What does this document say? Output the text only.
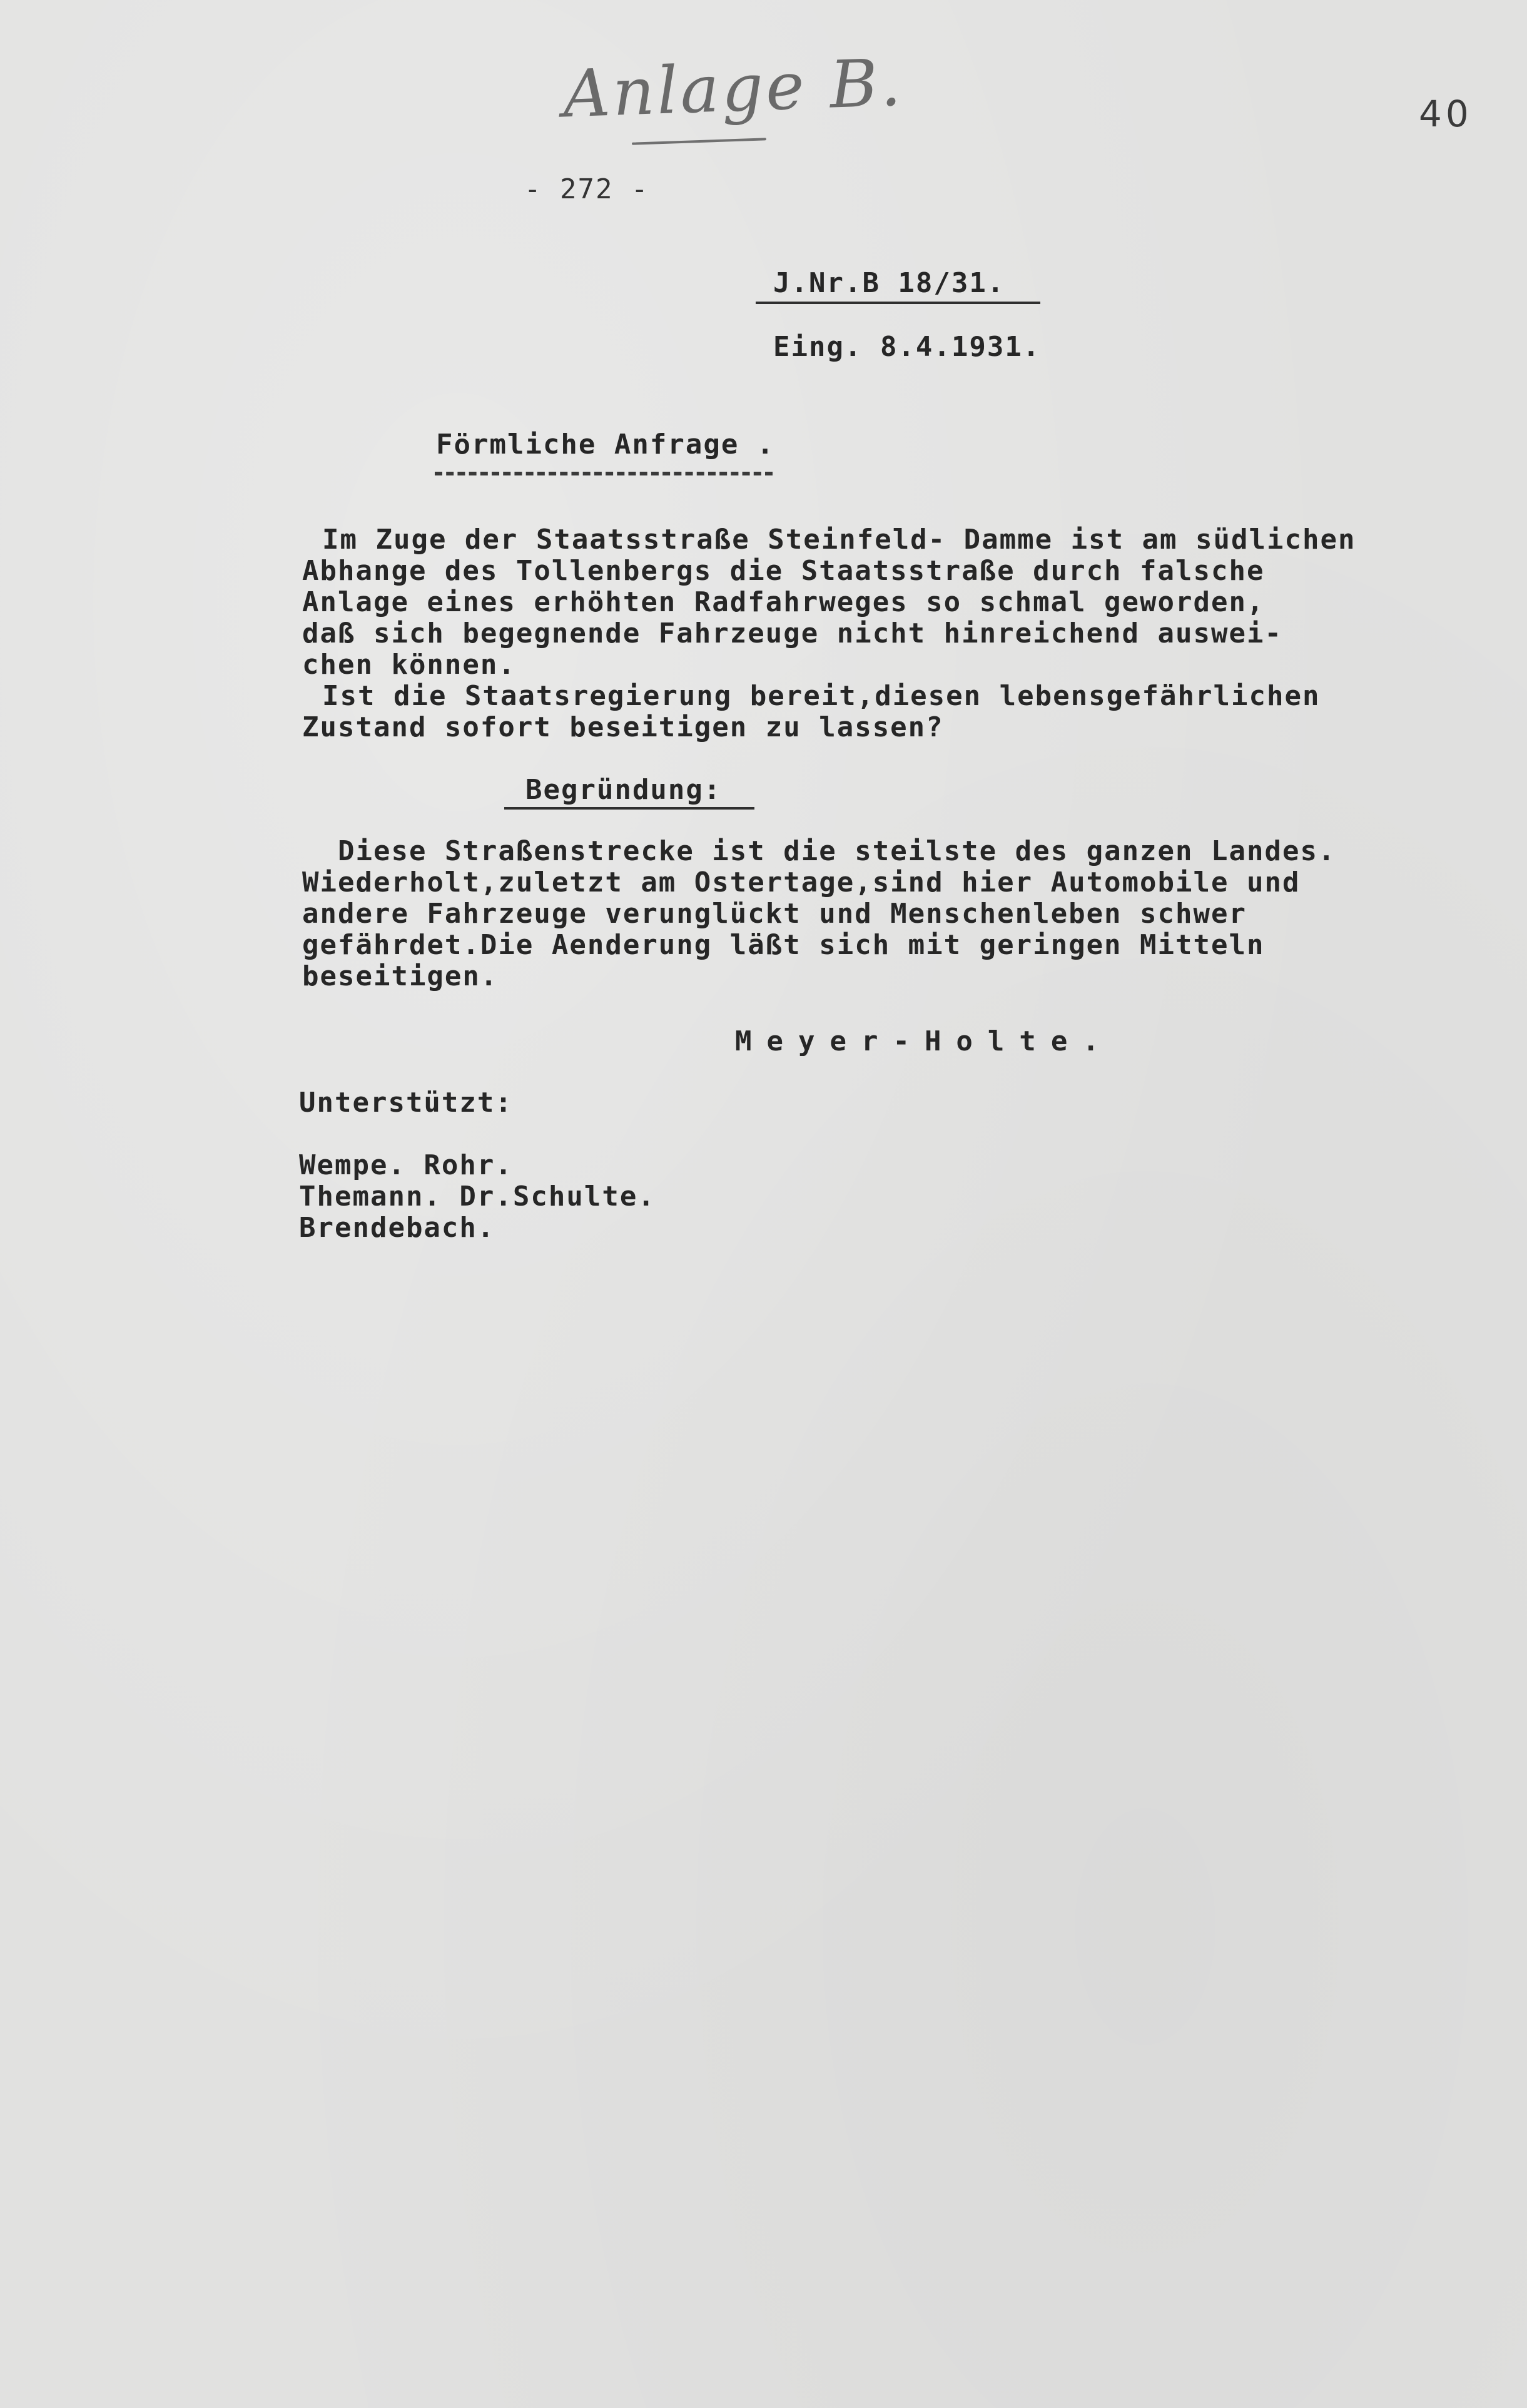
Anlage B.	40
- 272 -
J.Nr.B 18/31.
Eing. 8.4.1931.
Förmliche Anfrage .
Im Zuge der Staatsstraße Steinfeld- Damme ist am südlichen
Abhange des Tollenbergs die Staatsstraße durch falsche
Anlage eines erhöhten Radfahrweges so schmal geworden,
daß sich begegnende Fahrzeuge nicht hinreichend auswei-
chen können.
Ist die Staatsregierung bereit,diesen lebensgefährlichen
Zustand sofort beseitigen zu lassen?
Begründung:
Diese Straßenstrecke ist die steilste des ganzen Landes.
Wiederholt,zuletzt am Ostertage,sind hier Automobile und
andere Fahrzeuge verunglückt und Menschenleben schwer
gefährdet.Die Aenderung läßt sich mit geringen Mitteln
beseitigen.
Meyer-Holte.
Unterstützt:
Wempe. Rohr.
Themann. Dr.Schulte.
Brendebach.
